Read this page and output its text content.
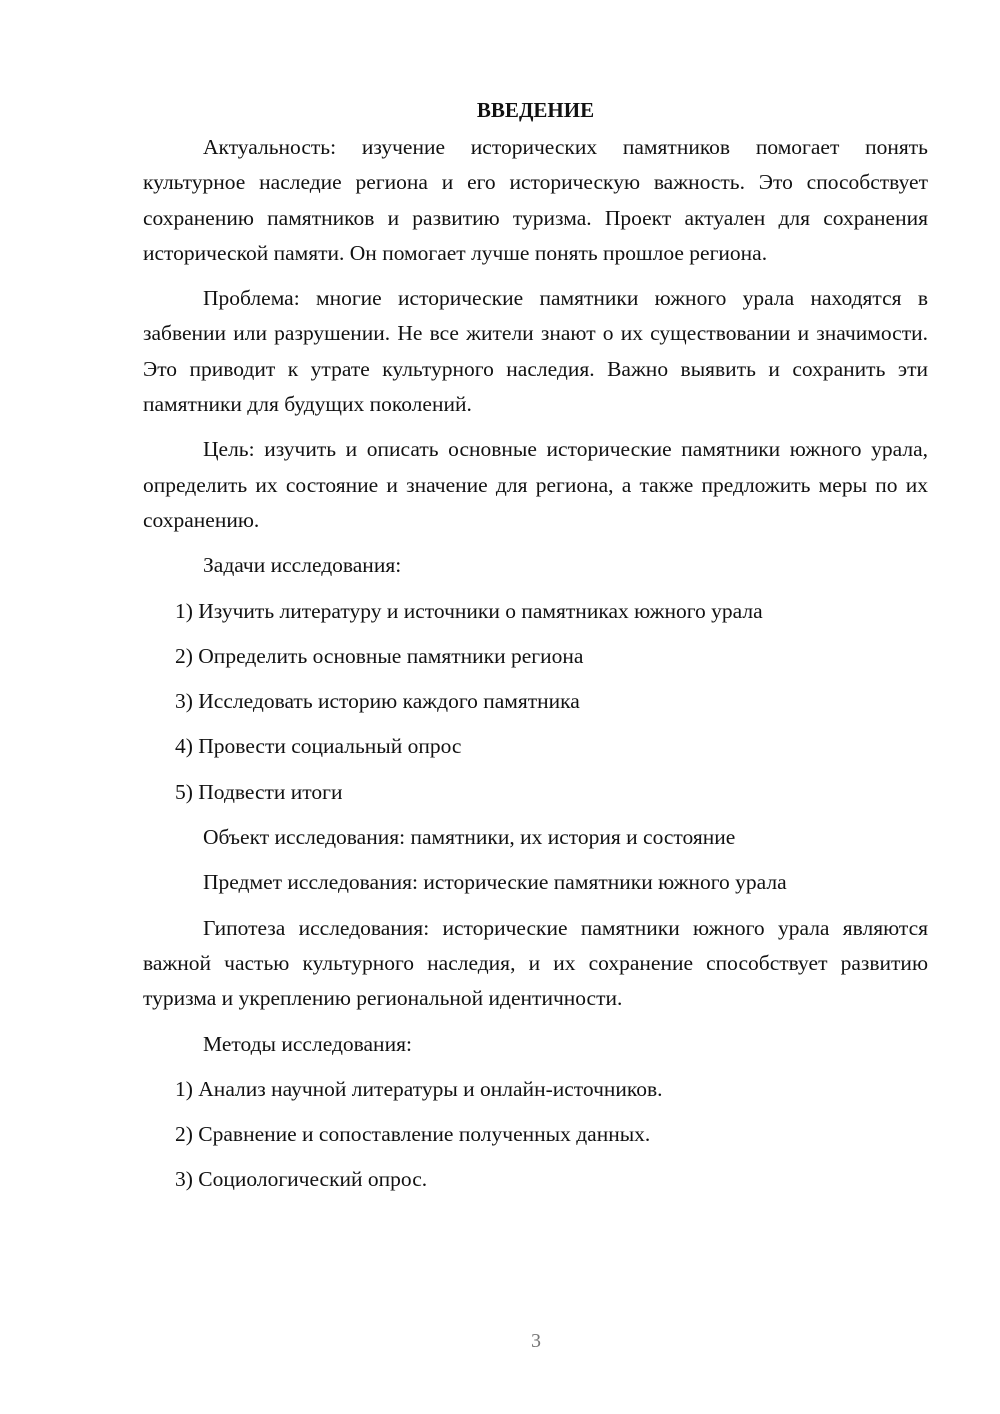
ВВЕДЕНИЕ

Актуальность: изучение исторических памятников помогает понять культурное наследие региона и его историческую важность. Это способствует сохранению памятников и развитию туризма. Проект актуален для сохранения исторической памяти. Он помогает лучше понять прошлое региона.

Проблема: многие исторические памятники южного урала находятся в забвении или разрушении. Не все жители знают о их существовании и значимости. Это приводит к утрате культурного наследия. Важно выявить и сохранить эти памятники для будущих поколений.

Цель: изучить и описать основные исторические памятники южного урала, определить их состояние и значение для региона, а также предложить меры по их сохранению.

Задачи исследования:
1) Изучить литературу и источники о памятниках южного урала
2) Определить основные памятники региона
3) Исследовать историю каждого памятника
4) Провести социальный опрос
5) Подвести итоги
Объект исследования: памятники, их история и состояние
Предмет исследования: исторические памятники южного урала

Гипотеза исследования: исторические памятники южного урала являются важной частью культурного наследия, и их сохранение способствует развитию туризма и укреплению региональной идентичности.

Методы исследования:
1) Анализ научной литературы и онлайн-источников.
2) Сравнение и сопоставление полученных данных.
3) Социологический опрос.
3
